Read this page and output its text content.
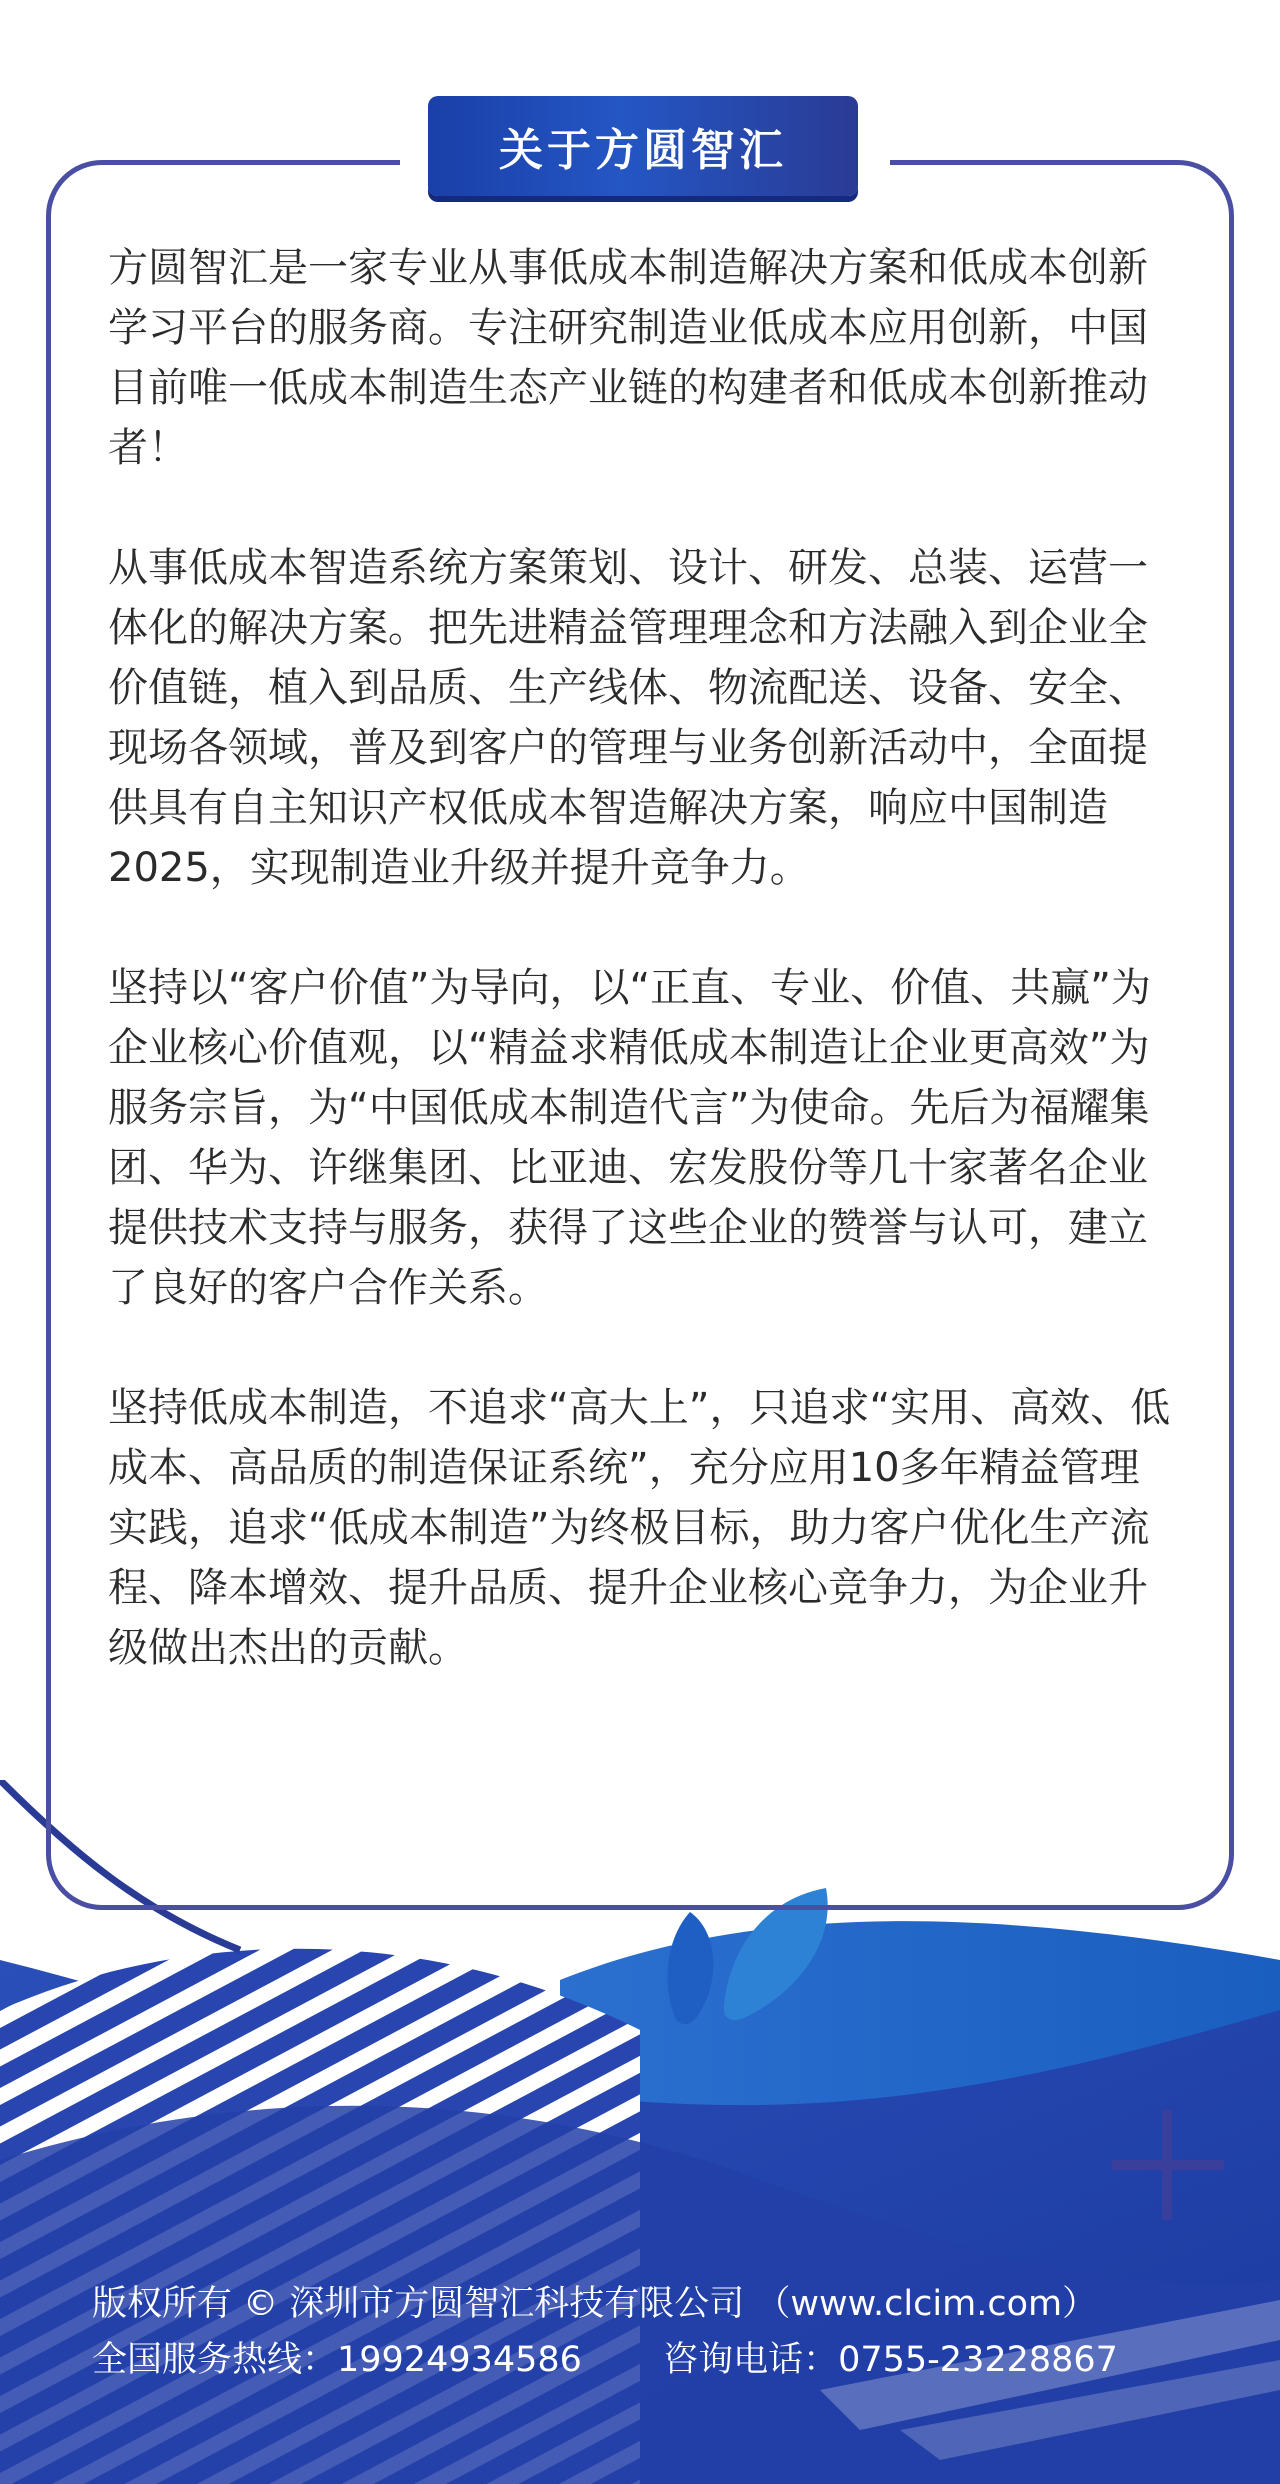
关于方圆智汇

方圆智汇是一家专业从事低成本制造解决方案和低成本创新学习平台的服务商。专注研究制造业低成本应用创新，中国目前唯一低成本制造生态产业链的构建者和低成本创新推动者！

从事低成本智造系统方案策划、设计、研发、总装、运营一体化的解决方案。把先进精益管理理念和方法融入到企业全价值链，植入到品质、生产线体、物流配送、设备、安全、现场各领域，普及到客户的管理与业务创新活动中，全面提供具有自主知识产权低成本智造解决方案，响应中国制造2025，实现制造业升级并提升竞争力。

坚持以“客户价值”为导向，以“正直、专业、价值、共赢”为企业核心价值观，以“精益求精低成本制造让企业更高效”为服务宗旨，为“中国低成本制造代言”为使命。先后为福耀集团、华为、许继集团、比亚迪、宏发股份等几十家著名企业提供技术支持与服务，获得了这些企业的赞誉与认可，建立了良好的客户合作关系。

坚持低成本制造，不追求“高大上”，只追求“实用、高效、低成本、高品质的制造保证系统”，充分应用10多年精益管理实践，追求“低成本制造”为终极目标，助力客户优化生产流程、降本增效、提升品质、提升企业核心竞争力，为企业升级做出杰出的贡献。

版权所有 © 深圳市方圆智汇科技有限公司 （www.clcim.com）
全国服务热线：19924934586 咨询电话：0755-23228867
